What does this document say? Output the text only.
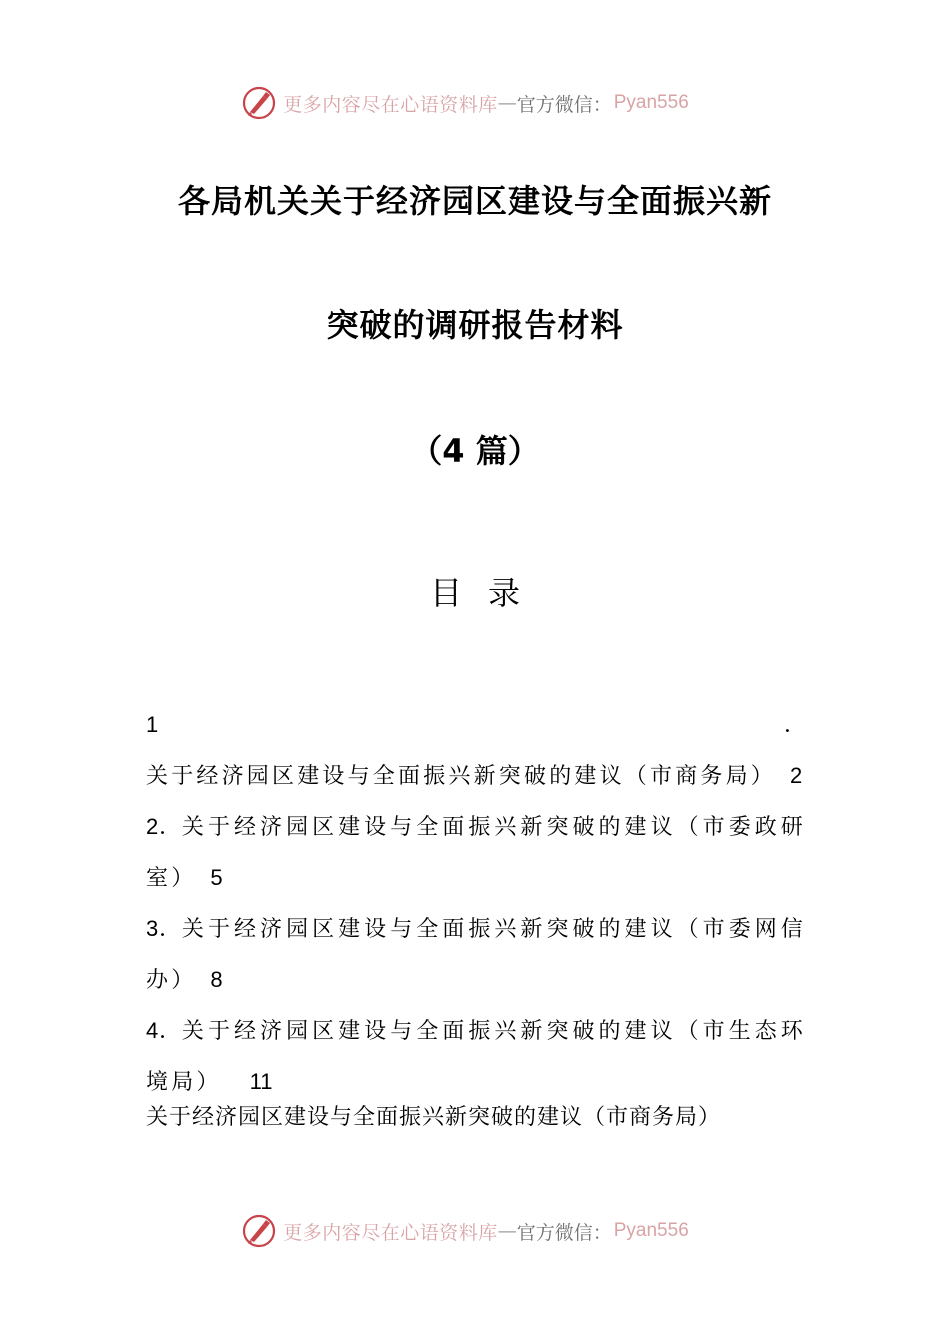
更多内容尽在心语资料库 — 官方微信： Pyan556
各局机关关于经济园区建设与全面振兴新
突破的调研报告材料
（4 篇）
目录
1．关于经济园区建设与全面振兴新突破的建议（市商务局） 2
2．关于经济园区建设与全面振兴新突破的建议（市委政研室） 5
3．关于经济园区建设与全面振兴新突破的建议（市委网信办） 8
4．关于经济园区建设与全面振兴新突破的建议（市生态环境局） 11
关于经济园区建设与全面振兴新突破的建议（市商务局）
更多内容尽在心语资料库 — 官方微信： Pyan556
